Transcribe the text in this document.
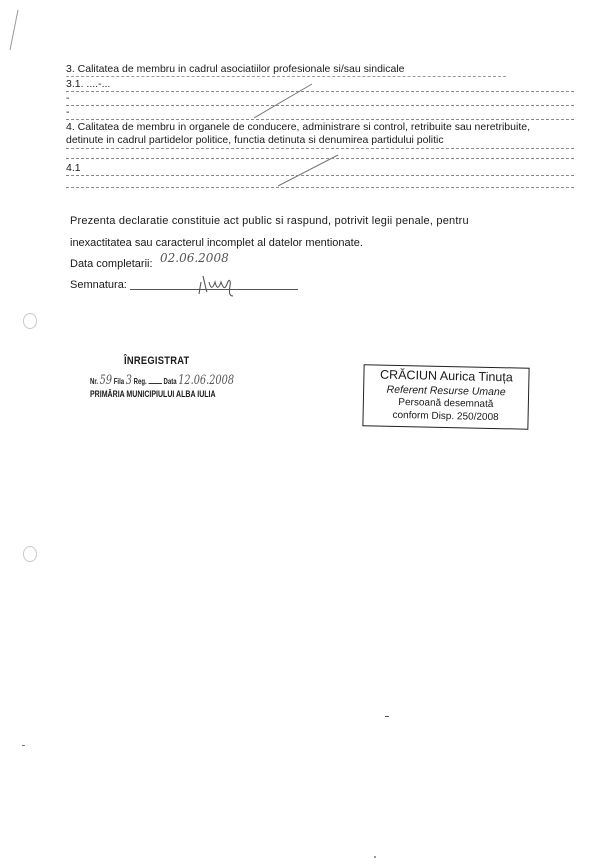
3. Calitatea de membru in cadrul asociatiilor profesionale si/sau sindicale
3.1. ....-...
-
-
4. Calitatea de membru in organele de conducere, administrare si control, retribuite sau neretribuite,
detinute in cadrul partidelor politice, functia detinuta si denumirea partidului politic
4.1
Prezenta declaratie constituie act public si raspund, potrivit legii penale, pentru
inexactitatea sau caracterul incomplet al datelor mentionate.
Data completarii: 02.06.2008
Semnatura:
ÎNREGISTRAT
Nr. 59 Fila 3 Reg. Data 12.06.2008
PRIMĂRIA MUNICIPIULUI ALBA IULIA
CRĂCIUN Aurica Tinuța
Referent Resurse Umane
Persoană desemnată
conform Disp. 250/2008
